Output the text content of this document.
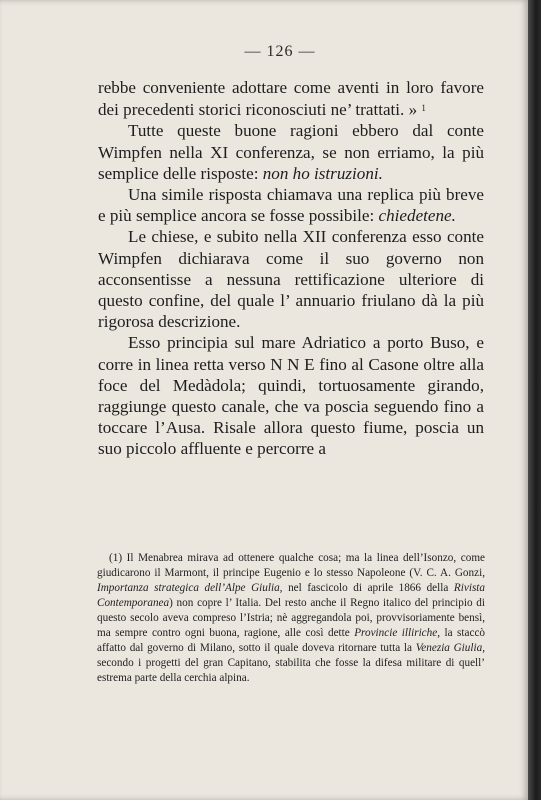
— 126 —

rebbe conveniente adottare come aventi in loro favore dei precedenti storici riconosciuti ne’ trattati. » $^1$

Tutte queste buone ragioni ebbero dal conte Wimpfen nella XI conferenza, se non erriamo, la più semplice delle risposte: non ho istruzioni.

Una simile risposta chiamava una replica più breve e più semplice ancora se fosse possibile: chiedetene.

Le chiese, e subito nella XII conferenza esso conte Wimpfen dichiarava come il suo governo non acconsentisse a nessuna rettificazione ulteriore di questo confine, del quale l’ annuario friulano dà la più rigorosa descrizione.

Esso principia sul mare Adriatico a porto Buso, e corre in linea retta verso N N E fino al Casone oltre alla foce del Medàdola; quindi, tortuosamente girando, raggiunge questo canale, che va poscia seguendo fino a toccare l’Ausa. Risale allora questo fiume, poscia un suo piccolo affluente e percorre a

(1) Il Menabrea mirava ad ottenere qualche cosa; ma la linea dell’Isonzo, come giudicarono il Marmont, il principe Eugenio e lo stesso Napoleone (V. C. A. Gonzi, Importanza strategica dell’Alpe Giulia, nel fascicolo di aprile 1866 della Rivista Contemporanea) non copre l’ Italia. Del resto anche il Regno italico del principio di questo secolo aveva compreso l’Istria; nè aggregandola poi, provvisoriamente bensì, ma sempre contro ogni buona, ragione, alle così dette Provincie illiriche, la staccò affatto dal governo di Milano, sotto il quale doveva ritornare tutta la Venezia Giulia, secondo i progetti del gran Capitano, stabilita che fosse la difesa militare di quell’ estrema parte della cerchia alpina.
